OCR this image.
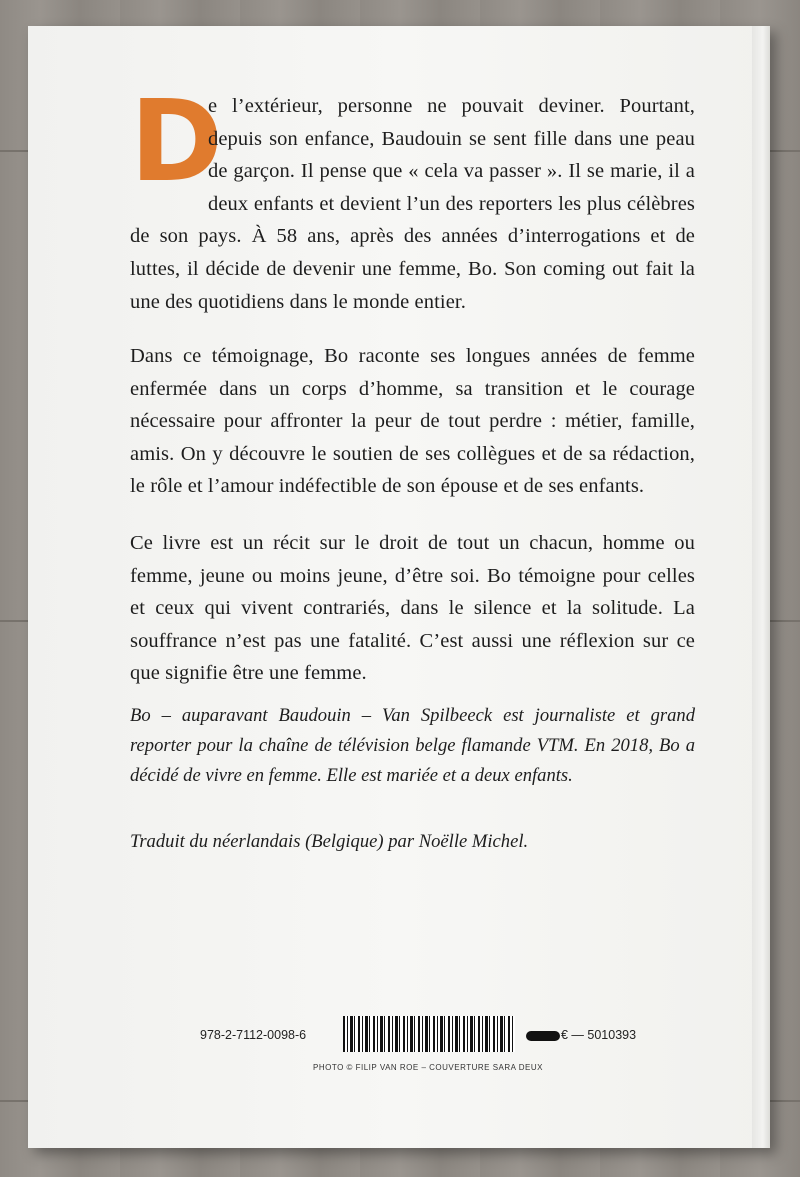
D
e l’extérieur, personne ne pouvait deviner. Pourtant, depuis son enfance, Baudouin se sent fille dans une peau de garçon. Il pense que « cela va passer ». Il se marie, il a deux enfants et devient l’un des reporters les plus célèbres de son pays. À 58 ans, après des années d’interrogations et de luttes, il décide de devenir une femme, Bo. Son coming out fait la une des quotidiens dans le monde entier.

Dans ce témoignage, Bo raconte ses longues années de femme enfermée dans un corps d’homme, sa transition et le courage nécessaire pour affronter la peur de tout perdre : métier, famille, amis. On y découvre le soutien de ses collègues et de sa rédaction, le rôle et l’amour indéfectible de son épouse et de ses enfants.

Ce livre est un récit sur le droit de tout un chacun, homme ou femme, jeune ou moins jeune, d’être soi. Bo témoigne pour celles et ceux qui vivent contrariés, dans le silence et la solitude. La souffrance n’est pas une fatalité. C’est aussi une réflexion sur ce que signifie être une femme.

Bo – auparavant Baudouin – Van Spilbeeck est journaliste et grand reporter pour la chaîne de télévision belge flamande VTM. En 2018, Bo a décidé de vivre en femme. Elle est mariée et a deux enfants.

Traduit du néerlandais (Belgique) par Noëlle Michel.

978-2-7112-0098-6	€ — 5010393
PHOTO © FILIP VAN ROE – COUVERTURE SARA DEUX
